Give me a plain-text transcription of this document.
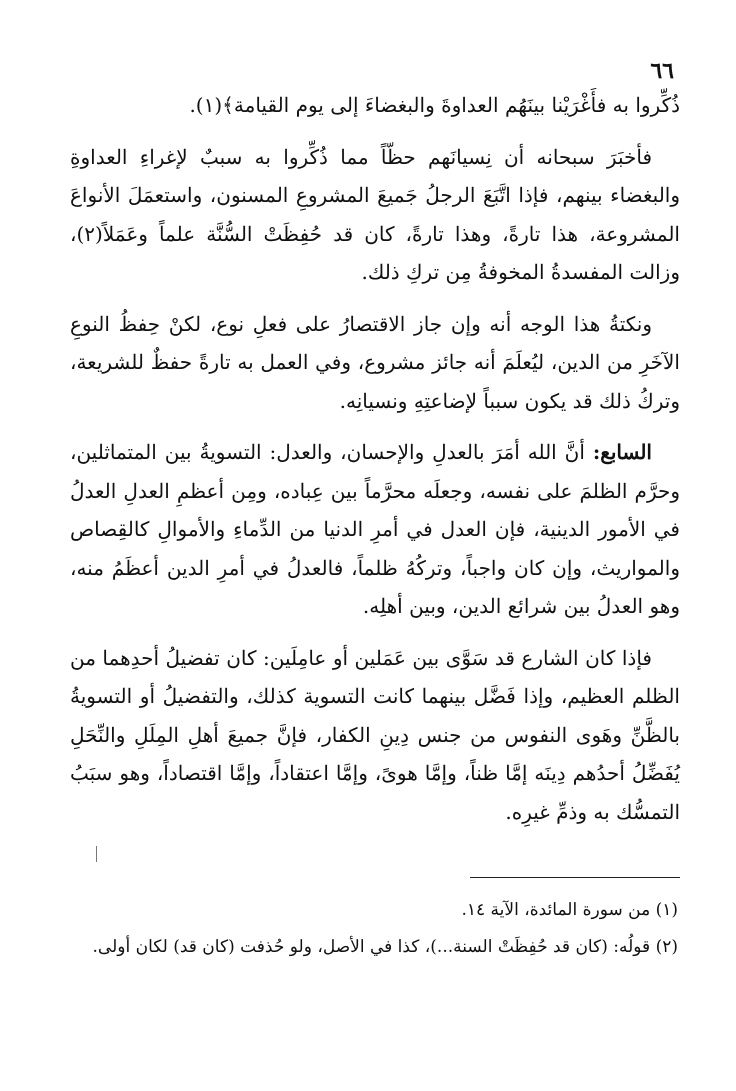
٦٦

ذُكِّروا به فأَغْرَيْنا بينَهُم العداوةَ والبغضاءَ إلى يوم القيامة﴾(١).

فأخبَرَ سبحانه أن نِسيانَهم حظّاً مما ذُكِّروا به سببٌ لإغراءِ العداوةِ والبغضاء بينهم، فإذا اتَّبَعَ الرجلُ جَميعَ المشروعِ المسنون، واستعمَلَ الأنواعَ المشروعة، هذا تارةً، وهذا تارةً، كان قد حُفِظَتْ السُّنَّة علماً وعَمَلاً(٢)، وزالت المفسدةُ المخوفةُ مِن تركِ ذلك.

ونكتةُ هذا الوجه أنه وإن جاز الاقتصارُ على فعلِ نوع، لكنْ حِفظُ النوعِ الآخَرِ من الدين، ليُعلَمَ أنه جائز مشروع، وفي العمل به تارةً حفظٌ للشريعة، وتركُ ذلك قد يكون سبباً لإضاعتِهِ ونسيانِه.

السابع: أنَّ الله أمَرَ بالعدلِ والإحسان، والعدل: التسويةُ بين المتماثلين، وحرَّم الظلمَ على نفسه، وجعلَه محرَّماً بين عِباده، ومِن أعظمِ العدلِ العدلُ في الأمور الدينية، فإن العدل في أمرِ الدنيا من الدِّماءِ والأموالِ كالقِصاص والمواريث، وإن كان واجباً، وتركُهُ ظلماً، فالعدلُ في أمرِ الدين أعظَمُ منه، وهو العدلُ بين شرائع الدين، وبين أهلِه.

فإذا كان الشارع قد سَوَّى بين عَمَلين أو عامِلَين: كان تفضيلُ أحدِهما من الظلم العظيم، وإذا فَضَّل بينهما كانت التسوية كذلك، والتفضيلُ أو التسويةُ بالظَّنِّ وهَوى النفوس من جنس دِينِ الكفار، فإنَّ جميعَ أهلِ المِلَلِ والنِّحَلِ يُفَضِّلُ أحدُهم دِينَه إمَّا ظناً، وإمَّا هوىً، وإمَّا اعتقاداً، وإمَّا اقتصاداً، وهو سبَبُ التمسُّك به وذمِّ غيرِه.

(١) من سورة المائدة، الآية ١٤.

(٢) قولُه: (كان قد حُفِظَتْ السنة...)، كذا في الأصل، ولو حُذفت (كان قد) لكان أولى.
